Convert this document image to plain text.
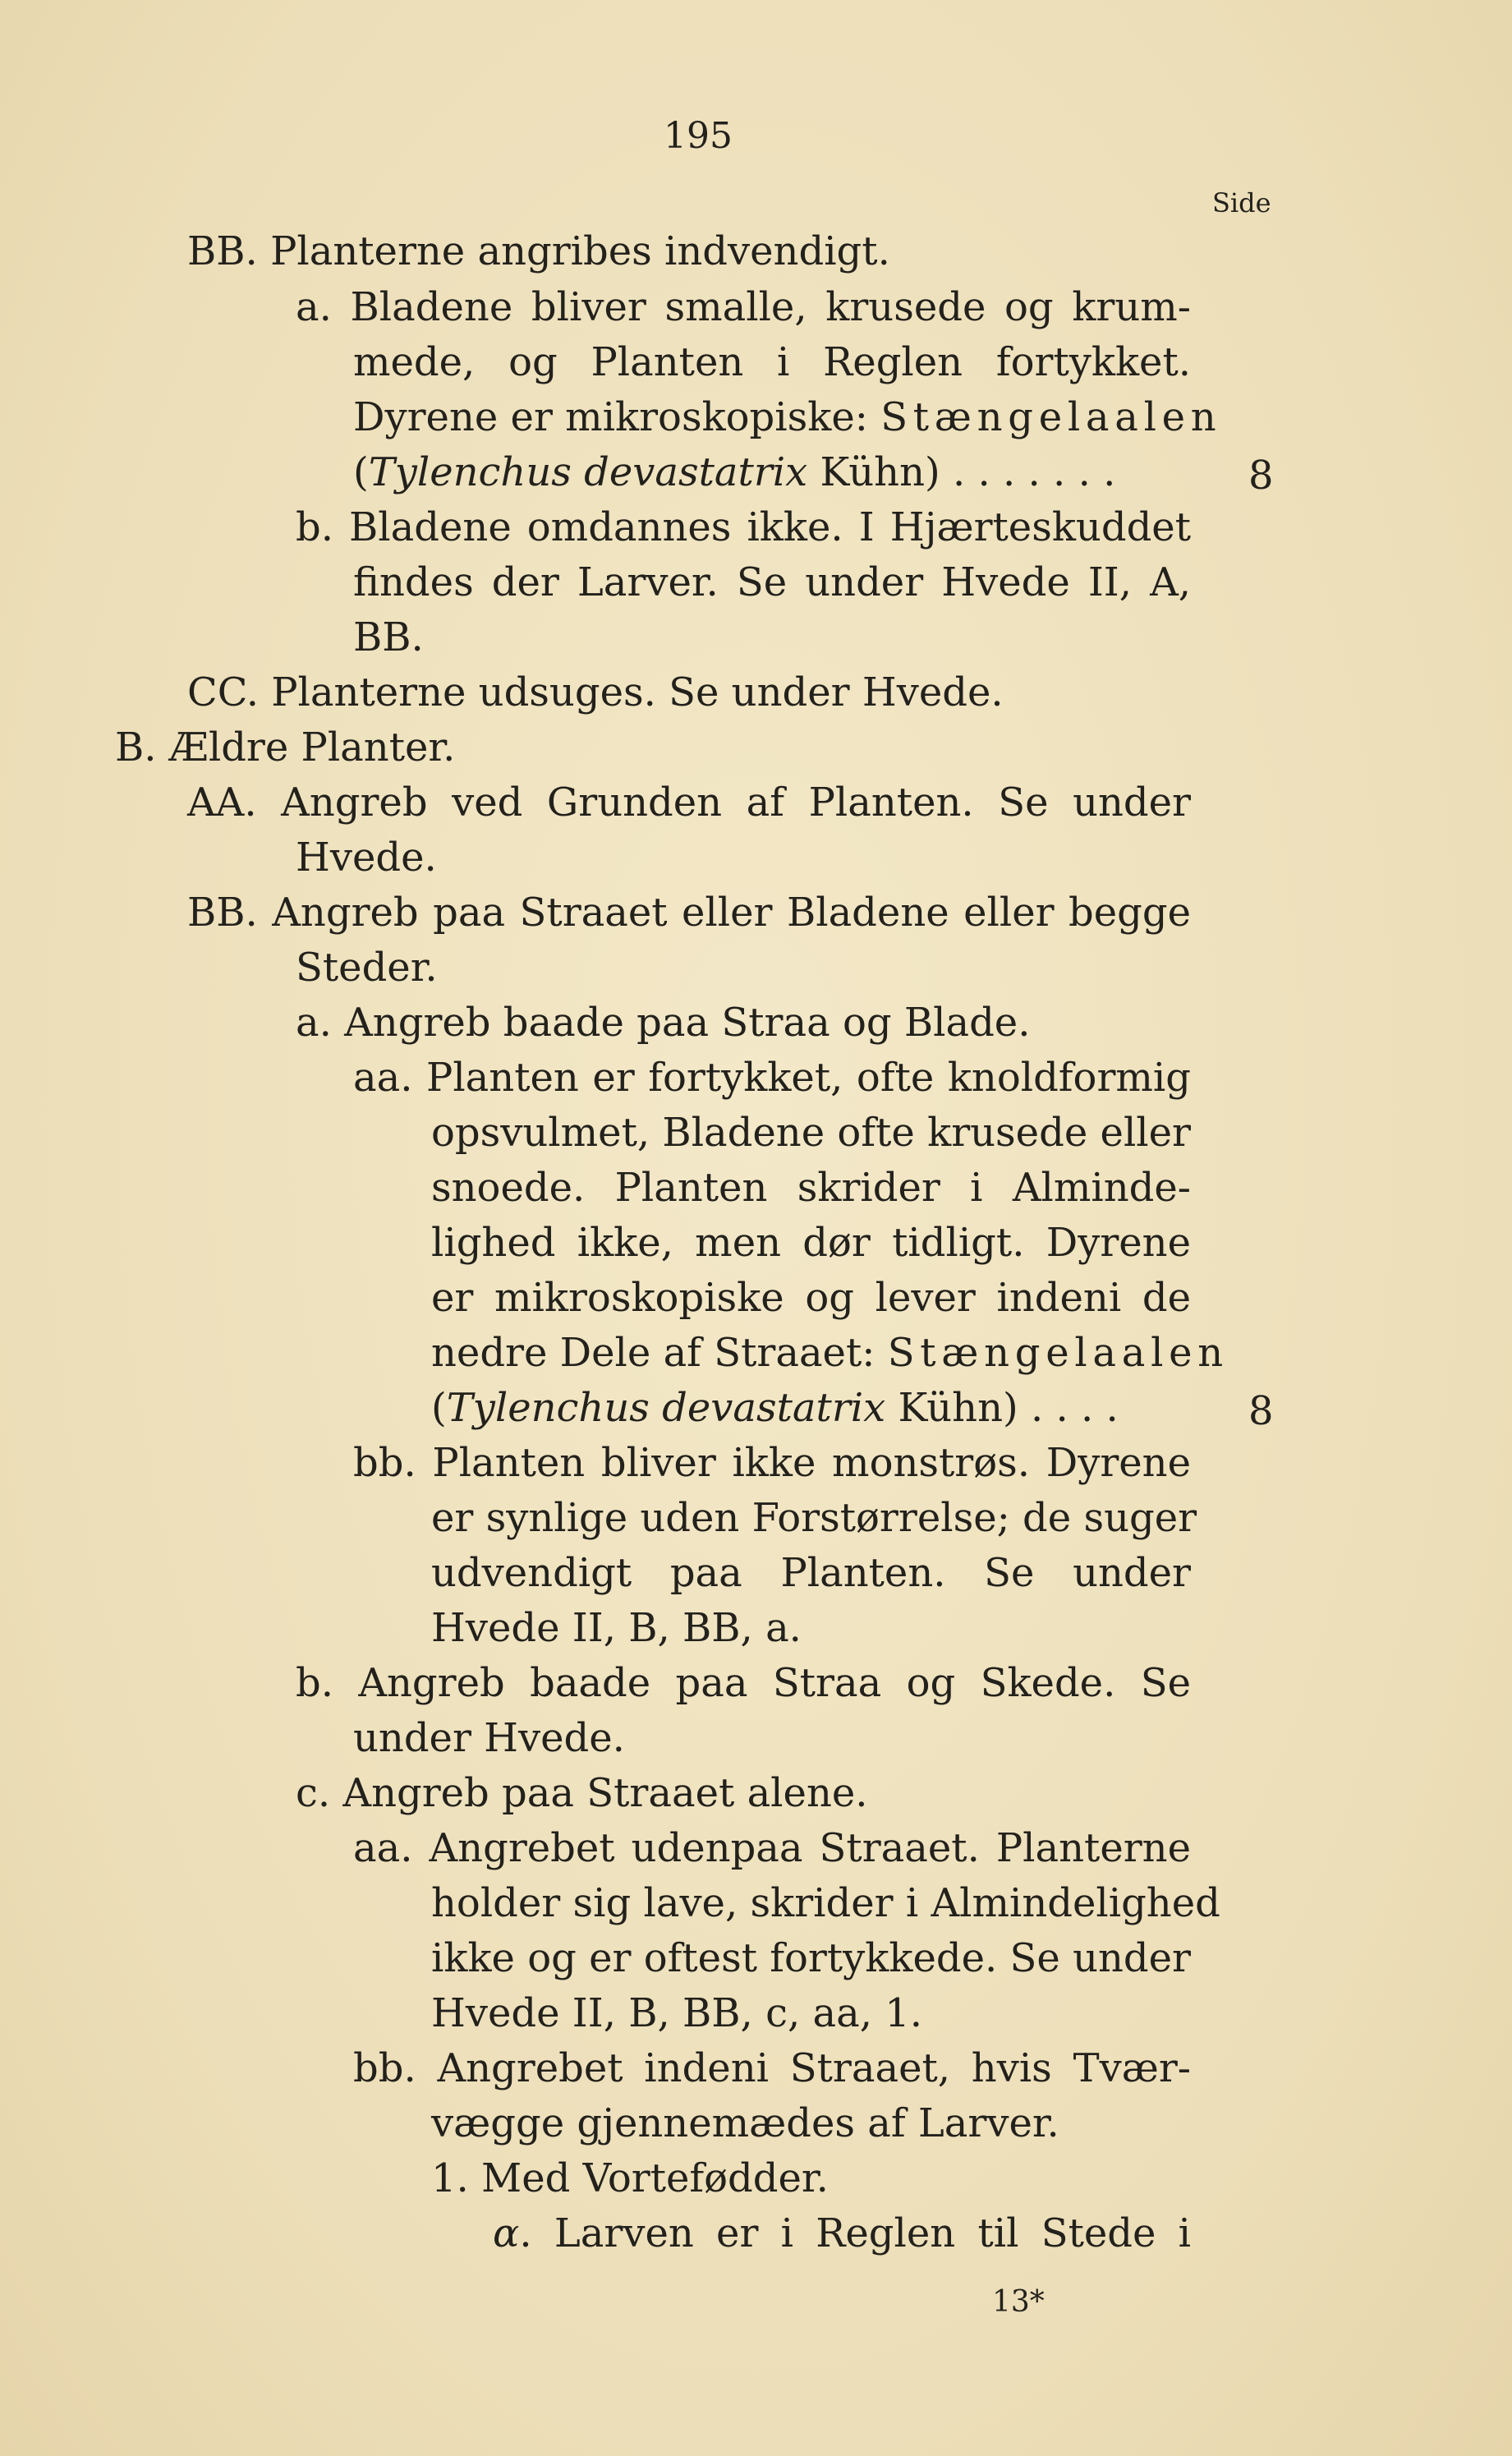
195
Side
BB. Planterne angribes indvendigt.
a. Bladene bliver smalle, krusede og krum-
mede, og Planten i Reglen fortykket.
Dyrene er mikroskopiske: Stængelaalen
(Tylenchus devastatrix Kühn) . . . . . . .	8
b. Bladene omdannes ikke. I Hjærteskuddet
findes der Larver. Se under Hvede II, A,
BB.
CC. Planterne udsuges. Se under Hvede.
B. Ældre Planter.
AA. Angreb ved Grunden af Planten. Se under
Hvede.
BB. Angreb paa Straaet eller Bladene eller begge
Steder.
a. Angreb baade paa Straa og Blade.
aa. Planten er fortykket, ofte knoldformig
opsvulmet, Bladene ofte krusede eller
snoede. Planten skrider i Alminde-
lighed ikke, men dør tidligt. Dyrene
er mikroskopiske og lever indeni de
nedre Dele af Straaet: Stængelaalen
(Tylenchus devastatrix Kühn) . . . .	8
bb. Planten bliver ikke monstrøs. Dyrene
er synlige uden Forstørrelse; de suger
udvendigt paa Planten. Se under
Hvede II, B, BB, a.
b. Angreb baade paa Straa og Skede. Se
under Hvede.
c. Angreb paa Straaet alene.
aa. Angrebet udenpaa Straaet. Planterne
holder sig lave, skrider i Almindelighed
ikke og er oftest fortykkede. Se under
Hvede II, B, BB, c, aa, 1.
bb. Angrebet indeni Straaet, hvis Tvær-
vægge gjennemædes af Larver.
1. Med Vortefødder.
α. Larven er i Reglen til Stede i
13*
